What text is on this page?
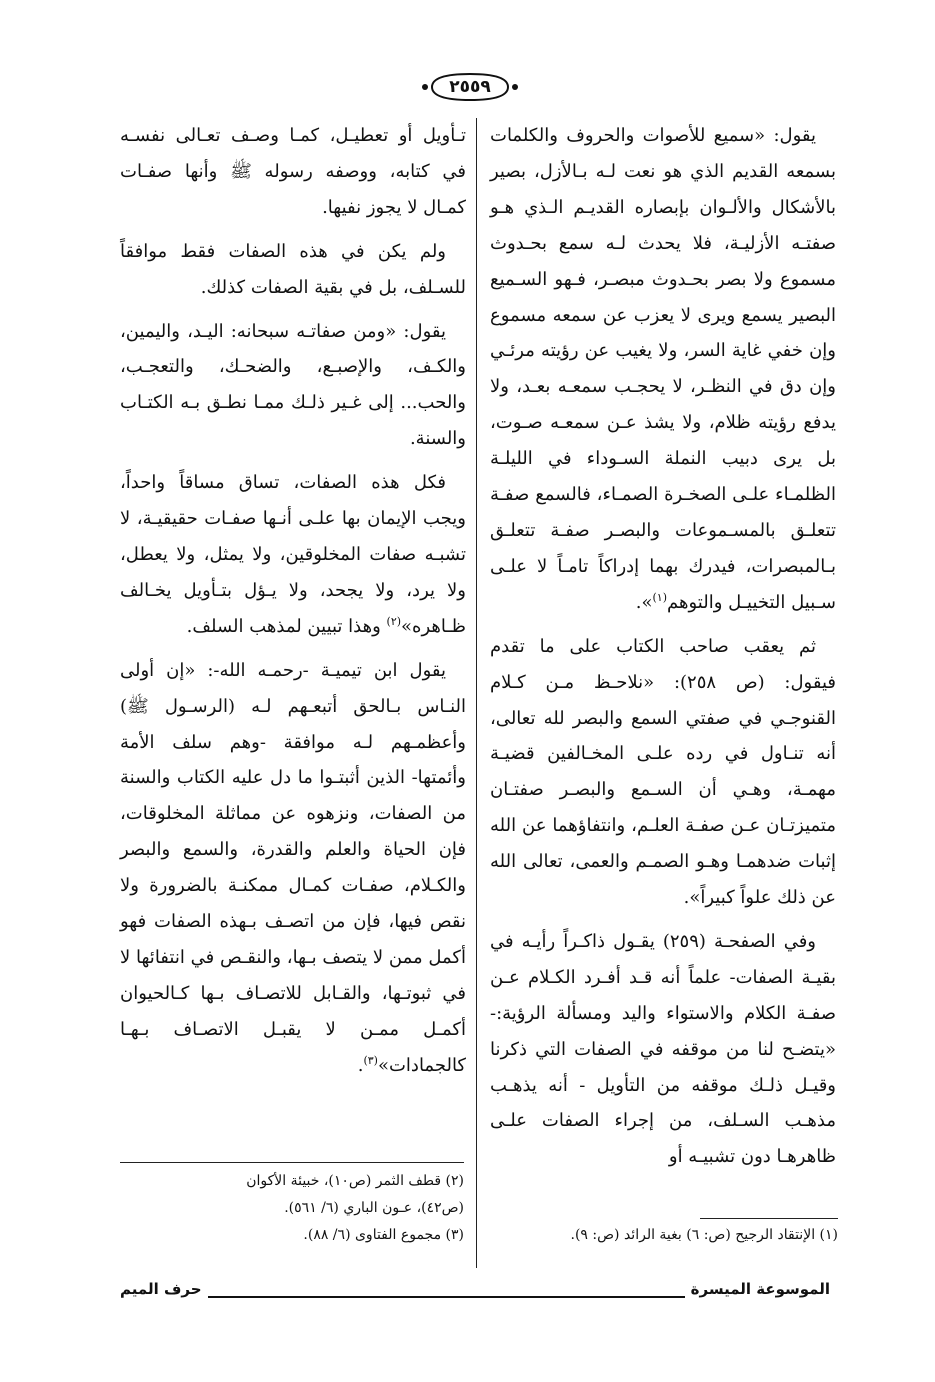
٢٥٥٩

يقول: «سميع للأصوات والحروف والكلمات بسمعه القديم الذي هو نعت لـه بـالأزل، بصير بالأشكال والألـوان بإبصاره القديـم الـذي هـو صفتـه الأزليـة، فلا يحدث لـه سمع بحـدوث مسموع ولا بصر بحـدوث مبصـر، فـهو السـميع البصير يسمع ويرى لا يعزب عن سمعه مسموع وإن خفي غاية السر، ولا يغيب عن رؤيته مرئـي وإن دق في النظـر، لا يحجـب سمعـه بعـد، ولا يدفع رؤيته ظلام، ولا يشذ عـن سمعـه صـوت، بل يرى دبيب النملة السـوداء في الليلـة الظلمـاء علـى الصخـرة الصمـاء، فالسمع صفـة تتعلـق بالمسـموعات والبصـر صفـة تتعلـق بـالمبصرات، فيدرك بهما إدراكاً تامـاً لا علـى سـبيل التخييـل والتوهم$^{(١)}$».

ثم يعقب صاحب الكتاب على ما تقدم فيقول: (ص ٢٥٨): «نلاحـظ مـن كـلام القنوجـي في صفتي السمع والبصر لله تعالى، أنه تنـاول في رده علـى المخـالفين قضيـة مهمـة، وهـي أن السـمع والبصـر صفتـان متميزتـان عـن صفـة العلـم، وانتفاؤهما عن الله إثبات ضدهمـا وهـو الصمـم والعمى، تعالى الله عن ذلك علواً كبيراً».

وفي الصفحـة (٢٥٩) يقـول ذاكـراً رأيـه في بقيـة الصفات- علماً أنه قـد أفـرد الكـلام عـن صفـة الكلام والاستواء واليد ومسألة الرؤية:- «يتضـح لنا من موقفه في الصفات التي ذكرنا وقيـل ذلـك موقفه من التأويل - أنه يذهـب مذهـب السـلف، من إجراء الصفات علـى ظاهرهـا دون تشبيـه أو

تـأويل أو تعطيـل، كمـا وصـف تعـالى نفسـه في كتابه، ووصفه رسوله ﷺ وأنها صفـات كمـال لا يجوز نفيها.

ولم يكن في هذه الصفات فقط موافقاً للسـلف، بل في بقية الصفات كذلك.

يقول: «ومن صفاتـه سبحانه: اليـد، واليمين، والكـف، والإصبـع، والضحـك، والتعجـب، والحب... إلى غـير ذلـك ممـا نطـق بـه الكتـاب والسنة.

فكل هذه الصفات، تساق مساقاً واحداً، ويجب الإيمان بها علـى أنـها صفـات حقيقيـة، لا تشبـه صفات المخلوقين، ولا يمثل، ولا يعطل، ولا يرد، ولا يجحد، ولا يـؤل بتـأويل يخـالف ظـاهره»$^{(٢)}$ وهذا تبيين لمذهب السلف.

يقول ابن تيميـة -رحمـه الله-: «إن أولى النـاس بـالحق أتبعـهم لـه (الرسـول ﷺ) وأعظمـهم لـه موافقة -وهم سلف الأمة وأئمتها- الذين أثبتـوا ما دل عليه الكتاب والسنة من الصفات، ونزهوه عن مماثلة المخلوقات، فإن الحياة والعلم والقدرة، والسمع والبصر والكـلام، صفـات كمـال ممكنـة بالضرورة ولا نقص فيها، فإن من اتصـف بـهذه الصفات فهو أكمل ممن لا يتصف بـها، والنقـص في انتفائها لا في ثبوتـها، والقـابل للاتصـاف بـها كـالحيوان أكمـل ممـن لا يقبـل الاتصـاف بـهـا كالجمادات»$^{(٣)}$.

(١) الإنتقاد الرجيح (ص: ٦) بغية الرائد (ص: ٩).
(٢) قطف الثمر (ص١٠)، خبيئة الأكوان (ص٤٢)، عـون الباري (٦/ ٥٦١).
(٣) مجموع الفتاوى (٦/ ٨٨).
الموسوعة الميسرة
حرف الميم
